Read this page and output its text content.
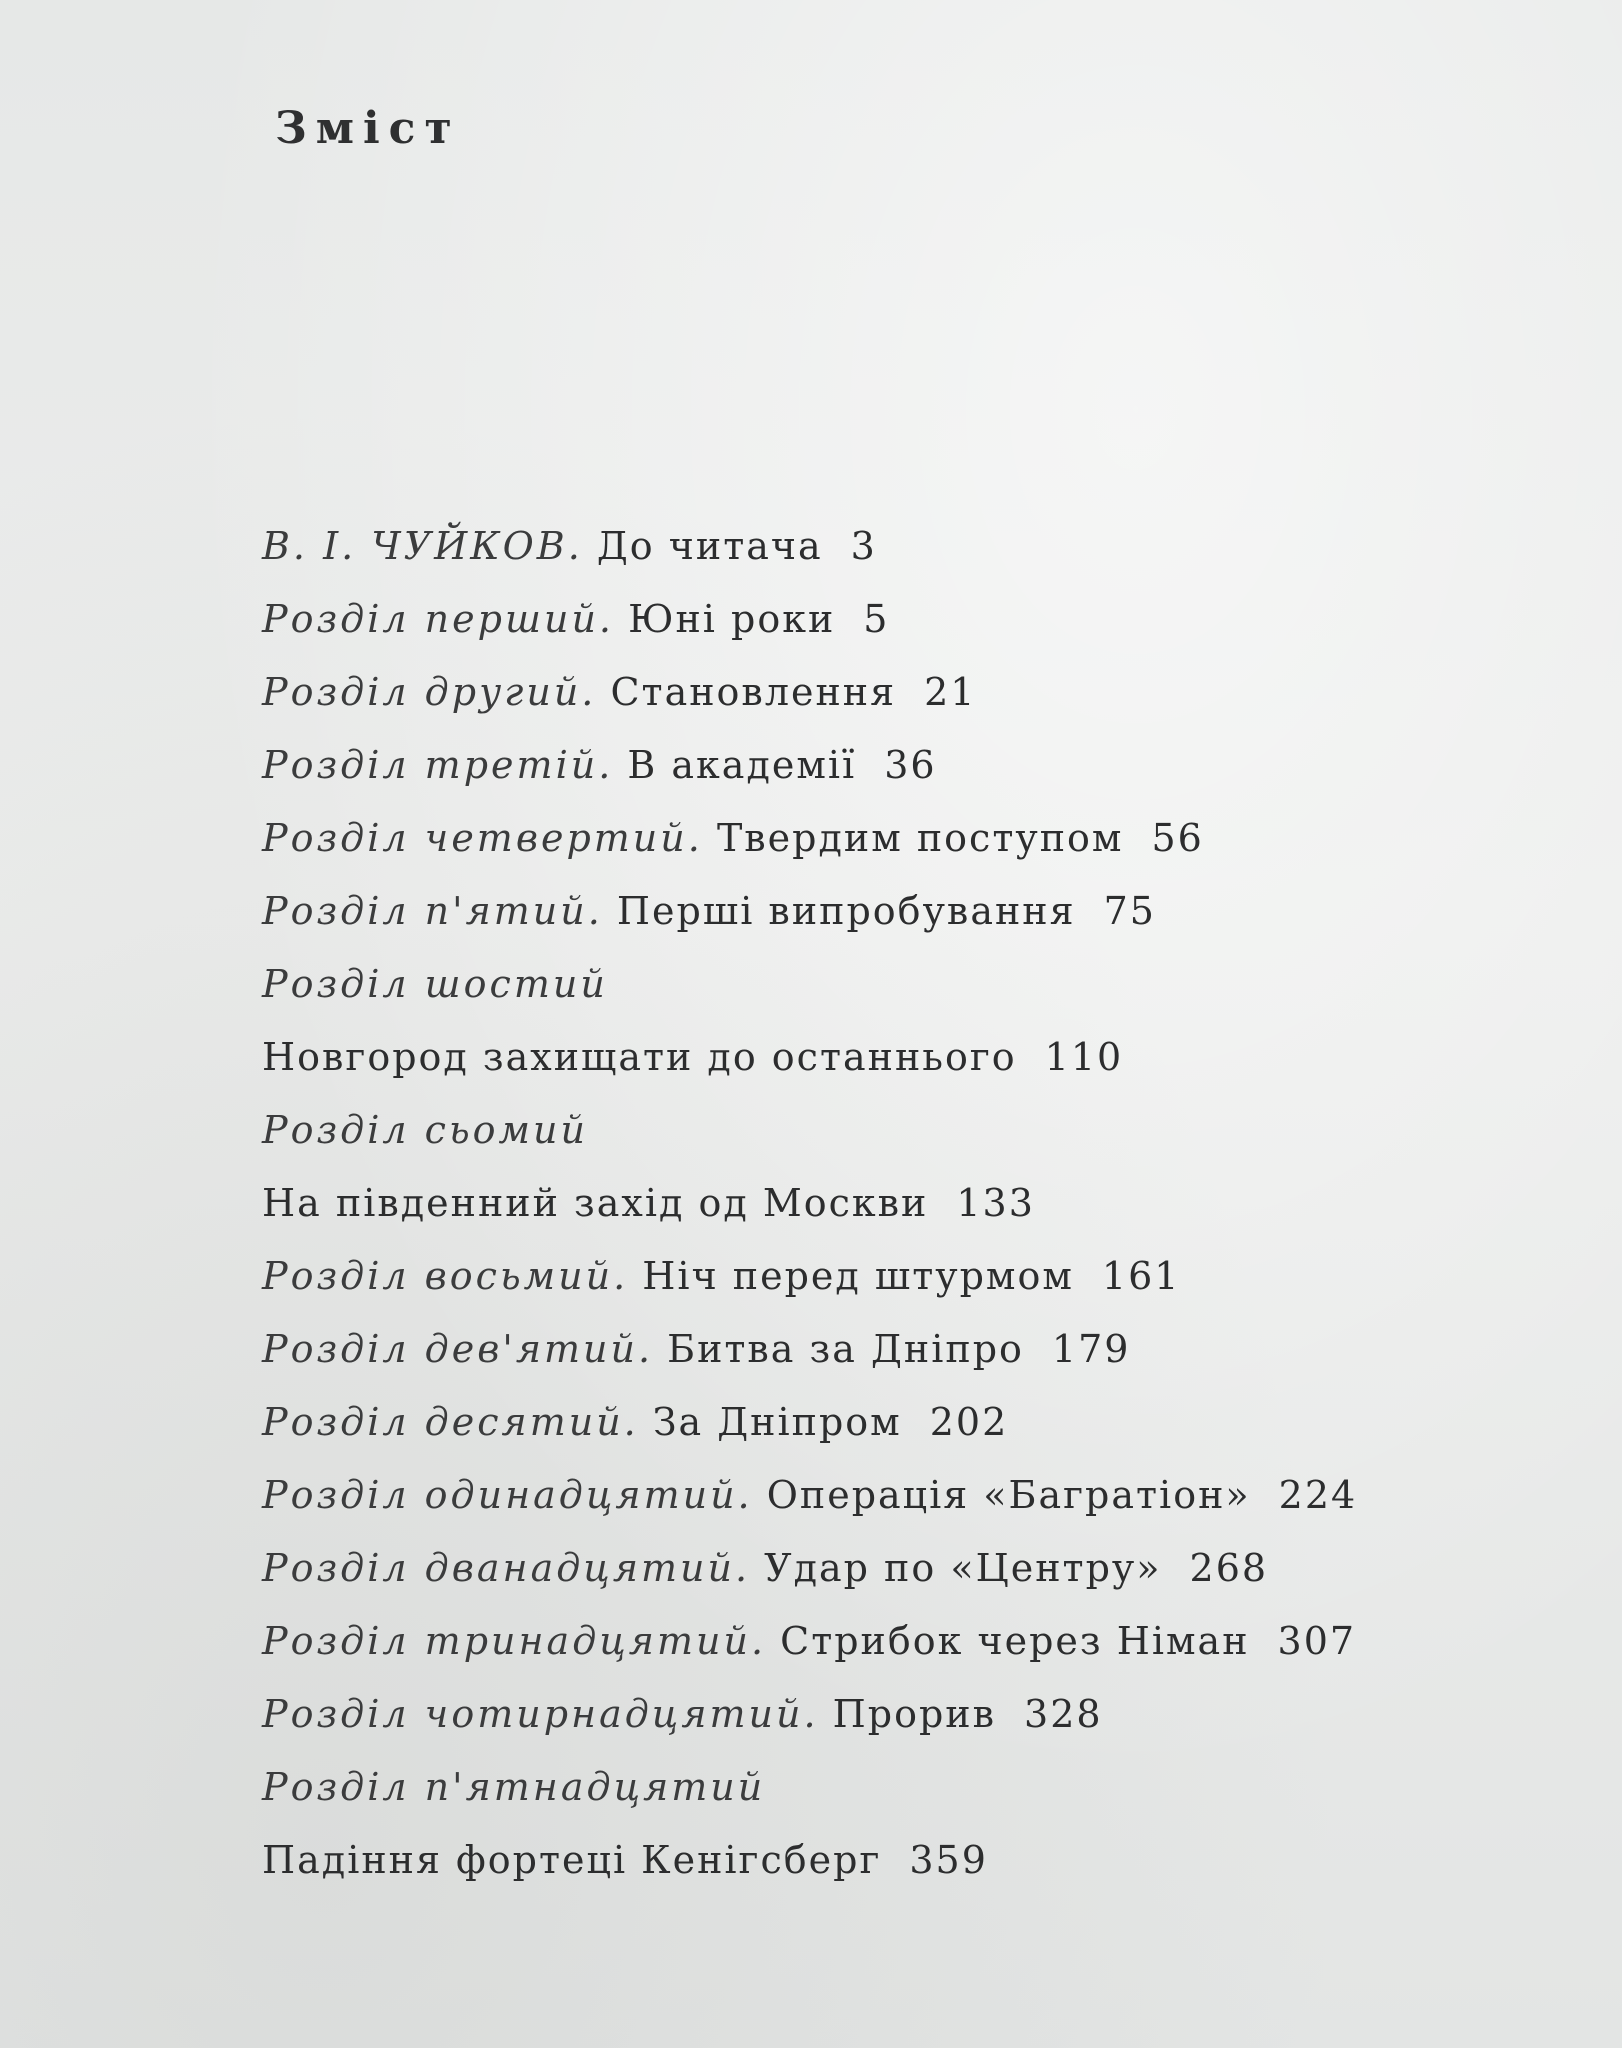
Зміст
В. І. ЧУЙКОВ. До читача 3
Розділ перший. Юні роки 5
Розділ другий. Становлення 21
Розділ третій. В академії 36
Розділ четвертий. Твердим поступом 56
Розділ п'ятий. Перші випробування 75
Розділ шостий
Новгород захищати до останнього 110
Розділ сьомий
На південний захід од Москви 133
Розділ восьмий. Ніч перед штурмом 161
Розділ дев'ятий. Битва за Дніпро 179
Розділ десятий. За Дніпром 202
Розділ одинадцятий. Операція «Багратіон» 224
Розділ дванадцятий. Удар по «Центру» 268
Розділ тринадцятий. Стрибок через Німан 307
Розділ чотирнадцятий. Прорив 328
Розділ п'ятнадцятий
Падіння фортеці Кенігсберг 359
